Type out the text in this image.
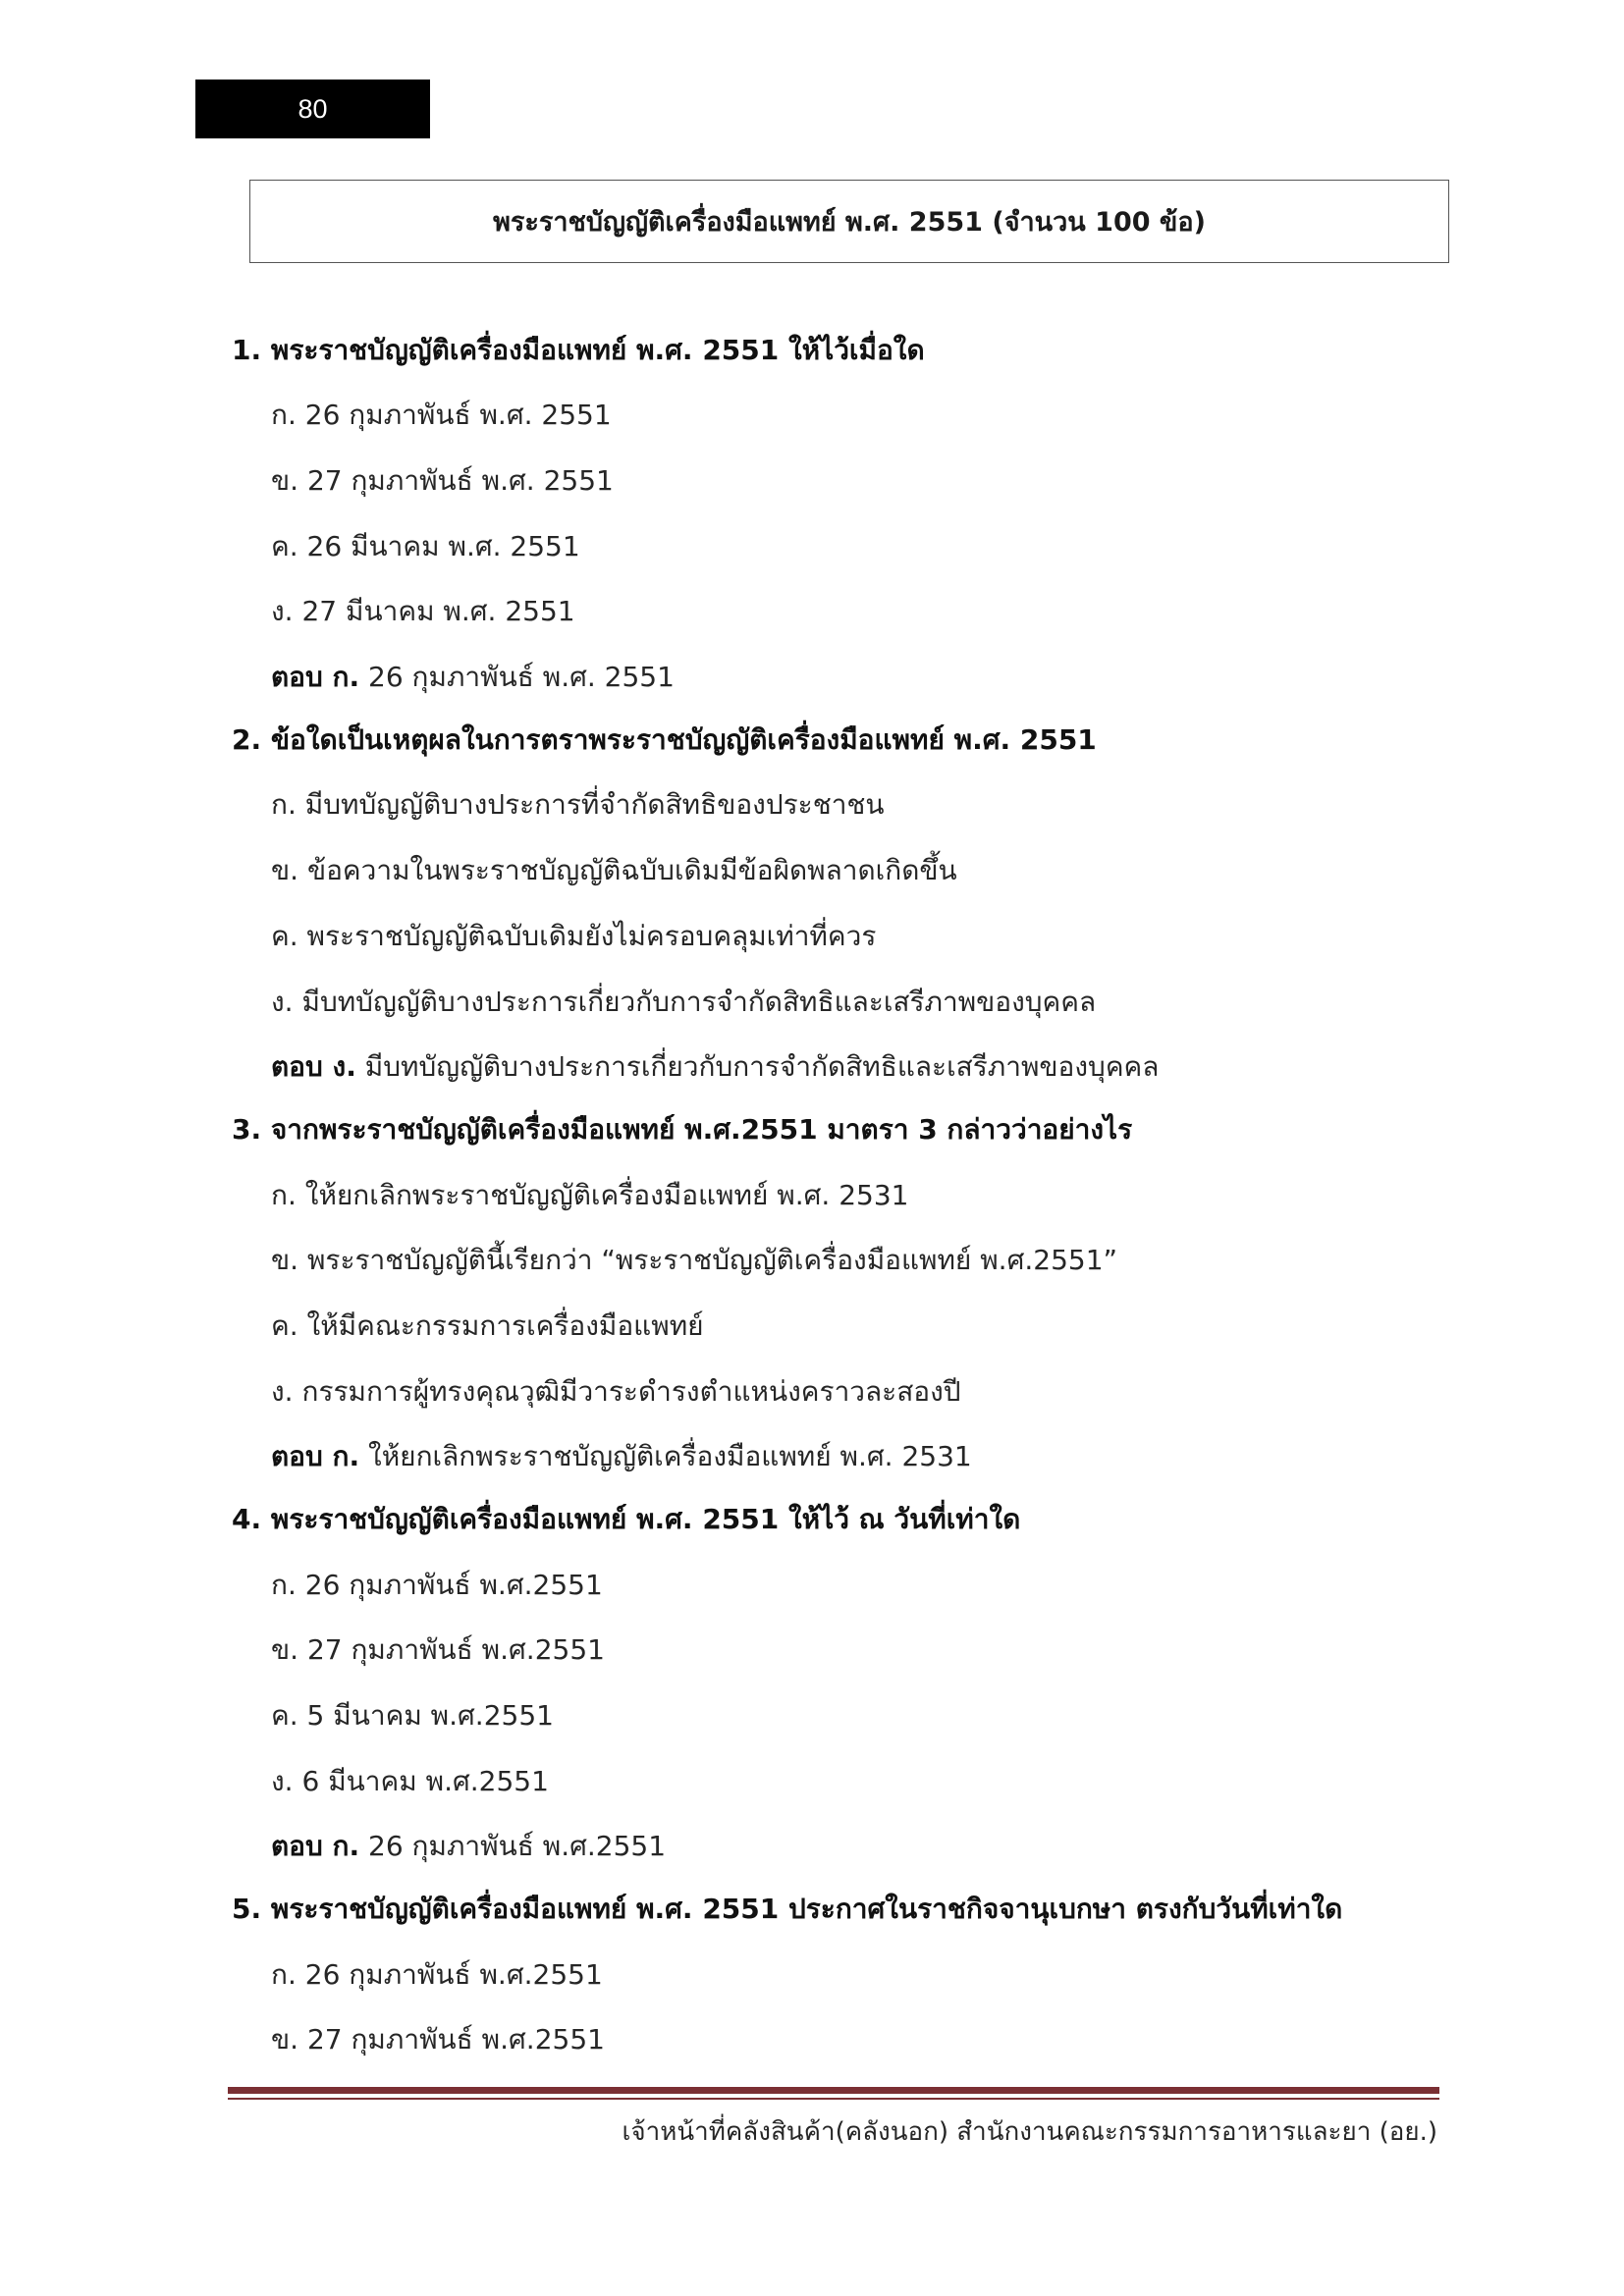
80
พระราชบัญญัติเครื่องมือแพทย์ พ.ศ. 2551 (จำนวน 100 ข้อ)
1. พระราชบัญญัติเครื่องมือแพทย์ พ.ศ. 2551 ให้ไว้เมื่อใด
ก. 26 กุมภาพันธ์ พ.ศ. 2551
ข. 27 กุมภาพันธ์ พ.ศ. 2551
ค. 26 มีนาคม พ.ศ. 2551
ง. 27 มีนาคม พ.ศ. 2551
ตอบ ก. 26 กุมภาพันธ์ พ.ศ. 2551
2. ข้อใดเป็นเหตุผลในการตราพระราชบัญญัติเครื่องมือแพทย์ พ.ศ. 2551
ก. มีบทบัญญัติบางประการที่จำกัดสิทธิของประชาชน
ข. ข้อความในพระราชบัญญัติฉบับเดิมมีข้อผิดพลาดเกิดขึ้น
ค. พระราชบัญญัติฉบับเดิมยังไม่ครอบคลุมเท่าที่ควร
ง. มีบทบัญญัติบางประการเกี่ยวกับการจำกัดสิทธิและเสรีภาพของบุคคล
ตอบ ง. มีบทบัญญัติบางประการเกี่ยวกับการจำกัดสิทธิและเสรีภาพของบุคคล
3. จากพระราชบัญญัติเครื่องมือแพทย์ พ.ศ.2551 มาตรา 3 กล่าวว่าอย่างไร
ก. ให้ยกเลิกพระราชบัญญัติเครื่องมือแพทย์ พ.ศ. 2531
ข. พระราชบัญญัตินี้เรียกว่า “พระราชบัญญัติเครื่องมือแพทย์ พ.ศ.2551”
ค. ให้มีคณะกรรมการเครื่องมือแพทย์
ง. กรรมการผู้ทรงคุณวุฒิมีวาระดำรงตำแหน่งคราวละสองปี
ตอบ ก. ให้ยกเลิกพระราชบัญญัติเครื่องมือแพทย์ พ.ศ. 2531
4. พระราชบัญญัติเครื่องมือแพทย์ พ.ศ. 2551 ให้ไว้ ณ วันที่เท่าใด
ก. 26 กุมภาพันธ์ พ.ศ.2551
ข. 27 กุมภาพันธ์ พ.ศ.2551
ค. 5 มีนาคม พ.ศ.2551
ง. 6 มีนาคม พ.ศ.2551
ตอบ ก. 26 กุมภาพันธ์ พ.ศ.2551
5. พระราชบัญญัติเครื่องมือแพทย์ พ.ศ. 2551 ประกาศในราชกิจจานุเบกษา ตรงกับวันที่เท่าใด
ก. 26 กุมภาพันธ์ พ.ศ.2551
ข. 27 กุมภาพันธ์ พ.ศ.2551
เจ้าหน้าที่คลังสินค้า(คลังนอก) สำนักงานคณะกรรมการอาหารและยา (อย.)
